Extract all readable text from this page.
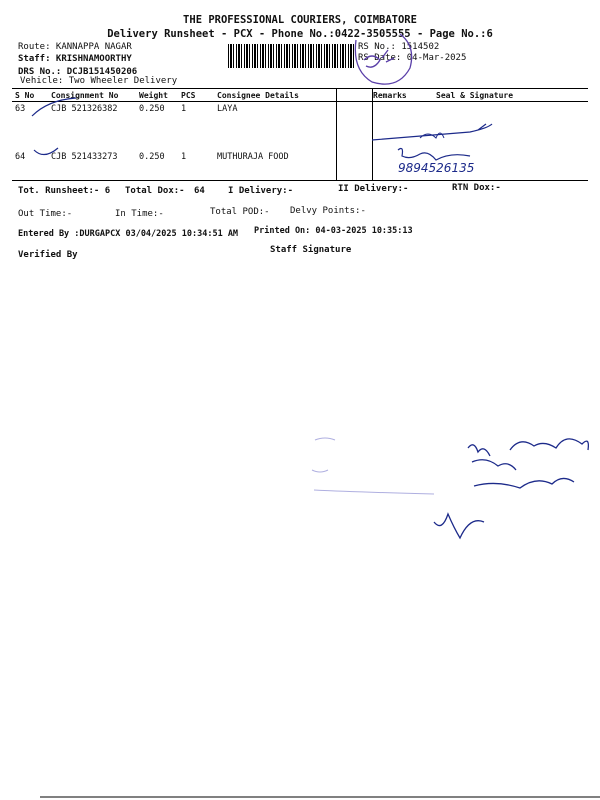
THE PROFESSIONAL COURIERS, COIMBATORE
Delivery Runsheet - PCX - Phone No.:0422-3505555 - Page No.:6
Route: KANNAPPA NAGAR
Staff: KRISHNAMOORTHY
DRS No.: DCJB151450206
Vehicle: Two Wheeler Delivery
RS No.: 1514502
RS Date: 04-Mar-2025
S No	Consignment No	Weight	PCS	Consignee Details	Remarks	Seal & Signature
63	CJB 521326382	0.250	1	LAYA		
64	CJB 521433273	0.250	1	MUTHURAJA FOOD		
Tot. Runsheet:- 6 Total Dox:- 64	I Delivery:-	II Delivery:-	RTN Dox:-
Out Time:-	In Time:-	Total POD:- Delvy Points:-
Entered By :DURGAPCX 03/04/2025 10:34:51 AM Printed On: 04-03-2025 10:35:13
Verified By	Staff Signature
9894526135
